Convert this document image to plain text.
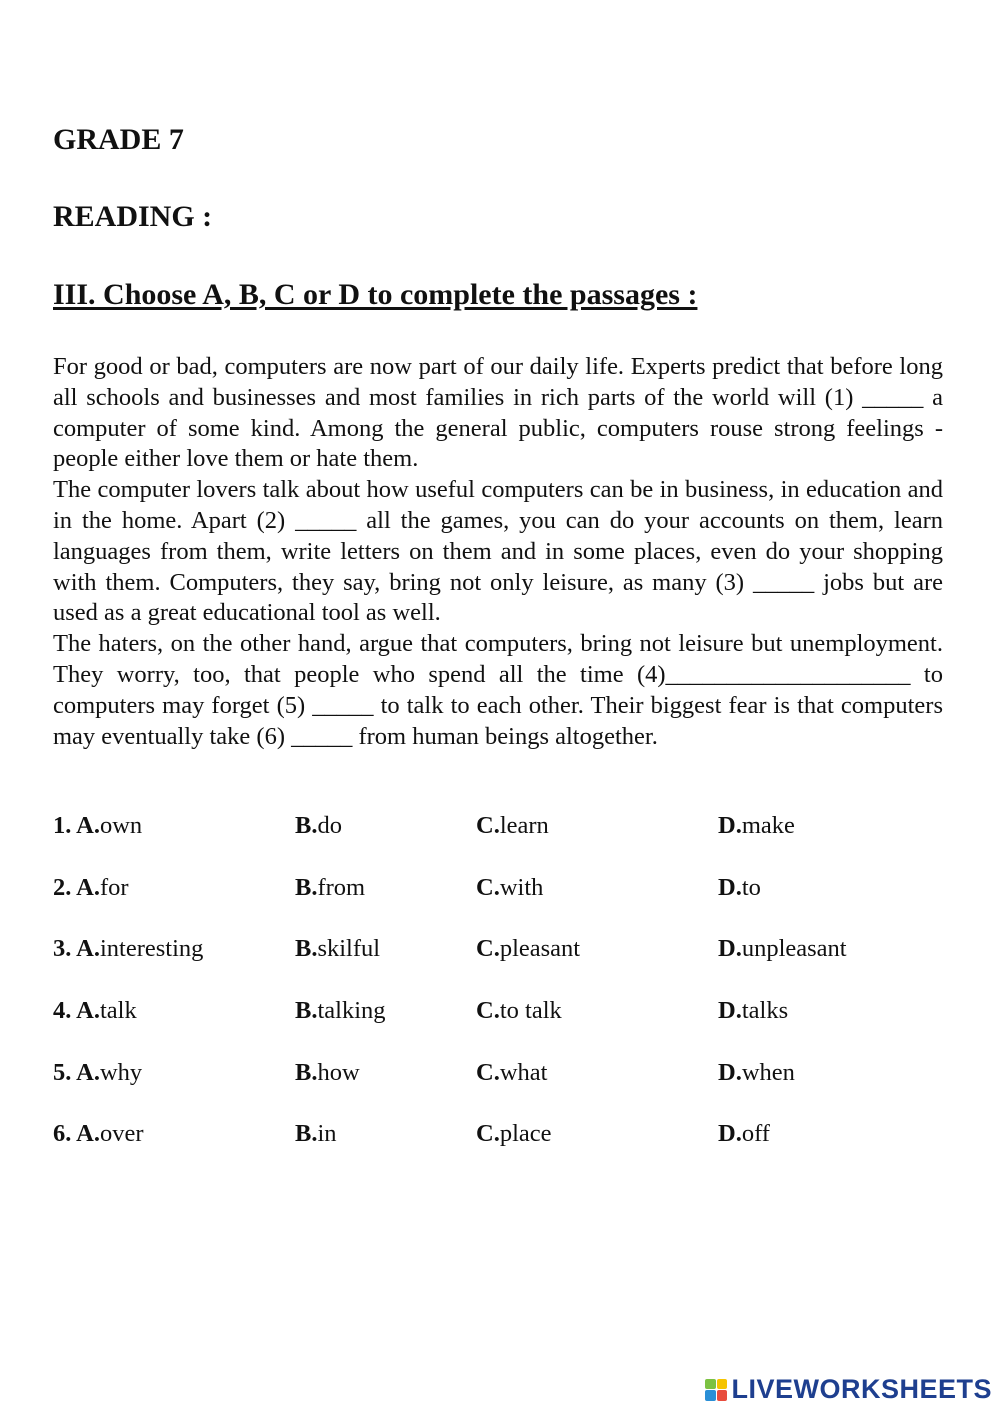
GRADE 7
READING :
III. Choose A, B, C or D to complete the passages :

For good or bad, computers are now part of our daily life. Experts predict that before long all schools and businesses and most families in rich parts of the world will (1) _____ a computer of some kind. Among the general public, computers rouse strong feelings - people either love them or hate them.

The computer lovers talk about how useful computers can be in business, in education and in the home. Apart (2) _____ all the games, you can do your accounts on them, learn languages from them, write letters on them and in some places, even do your shopping with them. Computers, they say, bring not only leisure, as many (3) _____ jobs but are used as a great educational tool as well.

The haters, on the other hand, argue that computers, bring not leisure but unemployment. They worry, too, that people who spend all the time (4)____________________ to computers may forget (5) _____ to talk to each other. Their biggest fear is that computers may eventually take (6) _____ from human beings altogether.

1. A.own	B.do	C.learn	D.make
2. A.for	B.from	C.with	D.to
3. A.interesting	B.skilful	C.pleasant	D.unpleasant
4. A.talk	B.talking	C.to talk	D.talks
5. A.why	B.how	C.what	D.when
6. A.over	B.in	C.place	D.off
LIVEWORKSHEETS
